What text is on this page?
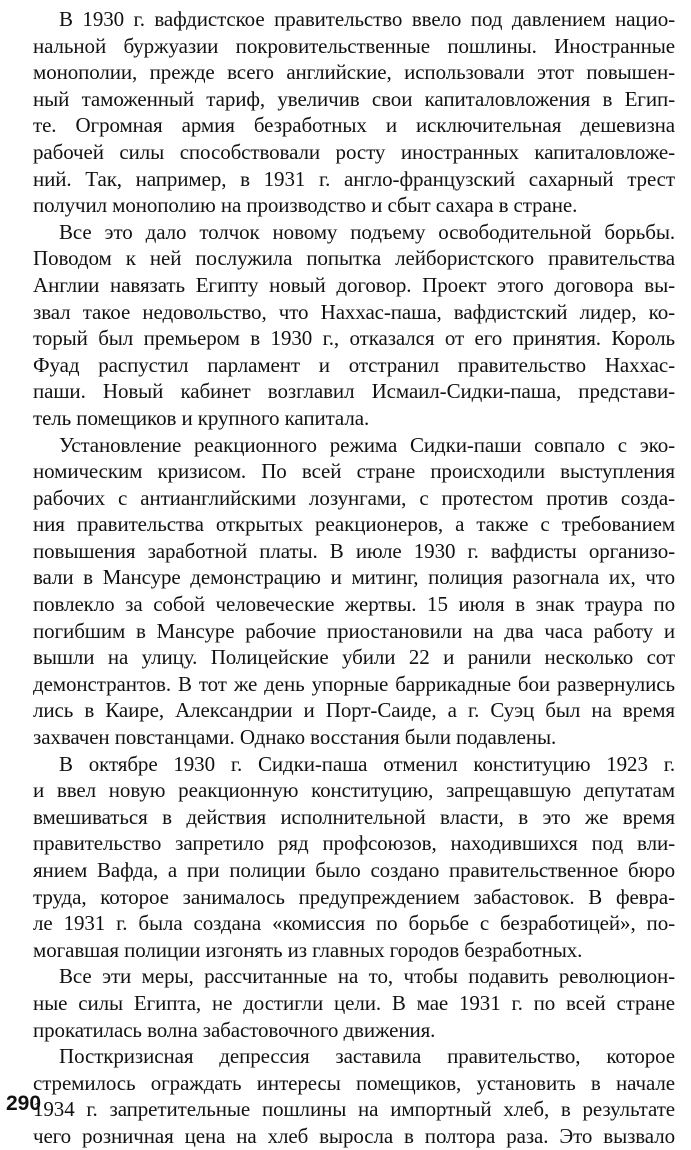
В 1930 г. вафдистское правительство ввело под давлением нацио-
нальной буржуазии покровительственные пошлины. Иностранные
монополии, прежде всего английские, использовали этот повышен-
ный таможенный тариф, увеличив свои капиталовложения в Егип-
те. Огромная армия безработных и исключительная дешевизна
рабочей силы способствовали росту иностранных капиталовложе-
ний. Так, например, в 1931 г. англо-французский сахарный трест
получил монополию на производство и сбыт сахара в стране.

Все это дало толчок новому подъему освободительной борьбы.
Поводом к ней послужила попытка лейбористского правительства
Англии навязать Египту новый договор. Проект этого договора вы-
звал такое недовольство, что Наххас-паша, вафдистский лидер, ко-
торый был премьером в 1930 г., отказался от его принятия. Король
Фуад распустил парламент и отстранил правительство Наххас-
паши. Новый кабинет возглавил Исмаил-Сидки-паша, представи-
тель помещиков и крупного капитала.

Установление реакционного режима Сидки-паши совпало с эко-
номическим кризисом. По всей стране происходили выступления
рабочих с антианглийскими лозунгами, с протестом против созда-
ния правительства открытых реакционеров, а также с требованием
повышения заработной платы. В июле 1930 г. вафдисты организо-
вали в Мансуре демонстрацию и митинг, полиция разогнала их, что
повлекло за собой человеческие жертвы. 15 июля в знак траура по
погибшим в Мансуре рабочие приостановили на два часа работу и
вышли на улицу. Полицейские убили 22 и ранили несколько сот
демонстрантов. В тот же день упорные баррикадные бои развернулись
лись в Каире, Александрии и Порт-Саиде, а г. Суэц был на время
захвачен повстанцами. Однако восстания были подавлены.

В октябре 1930 г. Сидки-паша отменил конституцию 1923 г.
и ввел новую реакционную конституцию, запрещавшую депутатам
вмешиваться в действия исполнительной власти, в это же время
правительство запретило ряд профсоюзов, находившихся под вли-
янием Вафда, а при полиции было создано правительственное бюро
труда, которое занималось предупреждением забастовок. В февра-
ле 1931 г. была создана «комиссия по борьбе с безработицей», по-
могавшая полиции изгонять из главных городов безработных.

Все эти меры, рассчитанные на то, чтобы подавить революцион-
ные силы Египта, не достигли цели. В мае 1931 г. по всей стране
прокатилась волна забастовочного движения.

Посткризисная депрессия заставила правительство, которое
стремилось ограждать интересы помещиков, установить в начале
1934 г. запретительные пошлины на импортный хлеб, в результате
чего розничная цена на хлеб выросла в полтора раза. Это вызвало

290
